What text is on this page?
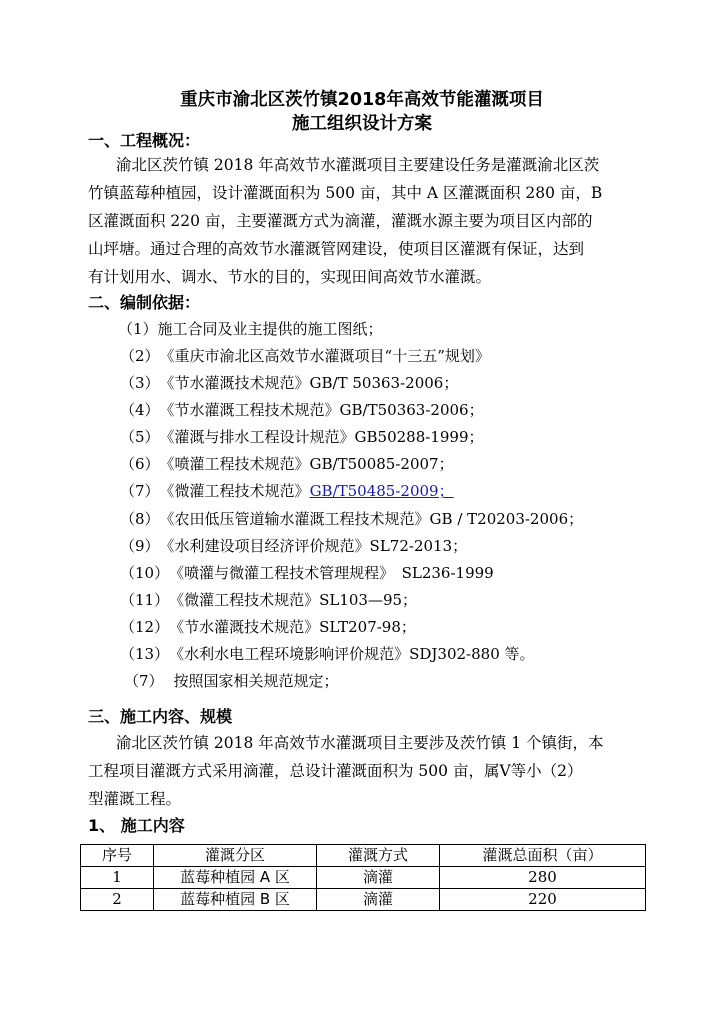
重庆市渝北区茨竹镇2018年高效节能灌溉项目
施工组织设计方案
一、工程概况：
渝北区茨竹镇 2018 年高效节水灌溉项目主要建设任务是灌溉渝北区茨
竹镇蓝莓种植园，设计灌溉面积为 500 亩，其中 A 区灌溉面积 280 亩，B
区灌溉面积 220 亩，主要灌溉方式为滴灌，灌溉水源主要为项目区内部的
山坪塘。通过合理的高效节水灌溉管网建设，使项目区灌溉有保证，达到
有计划用水、调水、节水的目的，实现田间高效节水灌溉。
二、编制依据：
（1）施工合同及业主提供的施工图纸；
（2）《重庆市渝北区高效节水灌溉项目“十三五”规划》
（3）《节水灌溉技术规范》GB/T 50363-2006；
（4）《节水灌溉工程技术规范》GB/T50363-2006；
（5）《灌溉与排水工程设计规范》GB50288-1999；
（6）《喷灌工程技术规范》GB/T50085-2007；
（7）《微灌工程技术规范》GB/T50485-2009；
（8）《农田低压管道输水灌溉工程技术规范》GB / T20203-2006；
（9）《水利建设项目经济评价规范》SL72-2013；
（10）《喷灌与微灌工程技术管理规程》　SL236-1999
（11）《微灌工程技术规范》SL103—95；
（12）《节水灌溉技术规范》SLT207-98；
（13）《水利水电工程环境影响评价规范》SDJ302-880 等。
（7） 按照国家相关规范规定；
三、施工内容、规模
渝北区茨竹镇 2018 年高效节水灌溉项目主要涉及茨竹镇 1 个镇街，本
工程项目灌溉方式采用滴灌，总设计灌溉面积为 500 亩，属Ⅴ等小（2）
型灌溉工程。
1、 施工内容
序号	灌溉分区	灌溉方式	灌溉总面积（亩）
1	蓝莓种植园 A 区	滴灌	280
2	蓝莓种植园 B 区	滴灌	220
